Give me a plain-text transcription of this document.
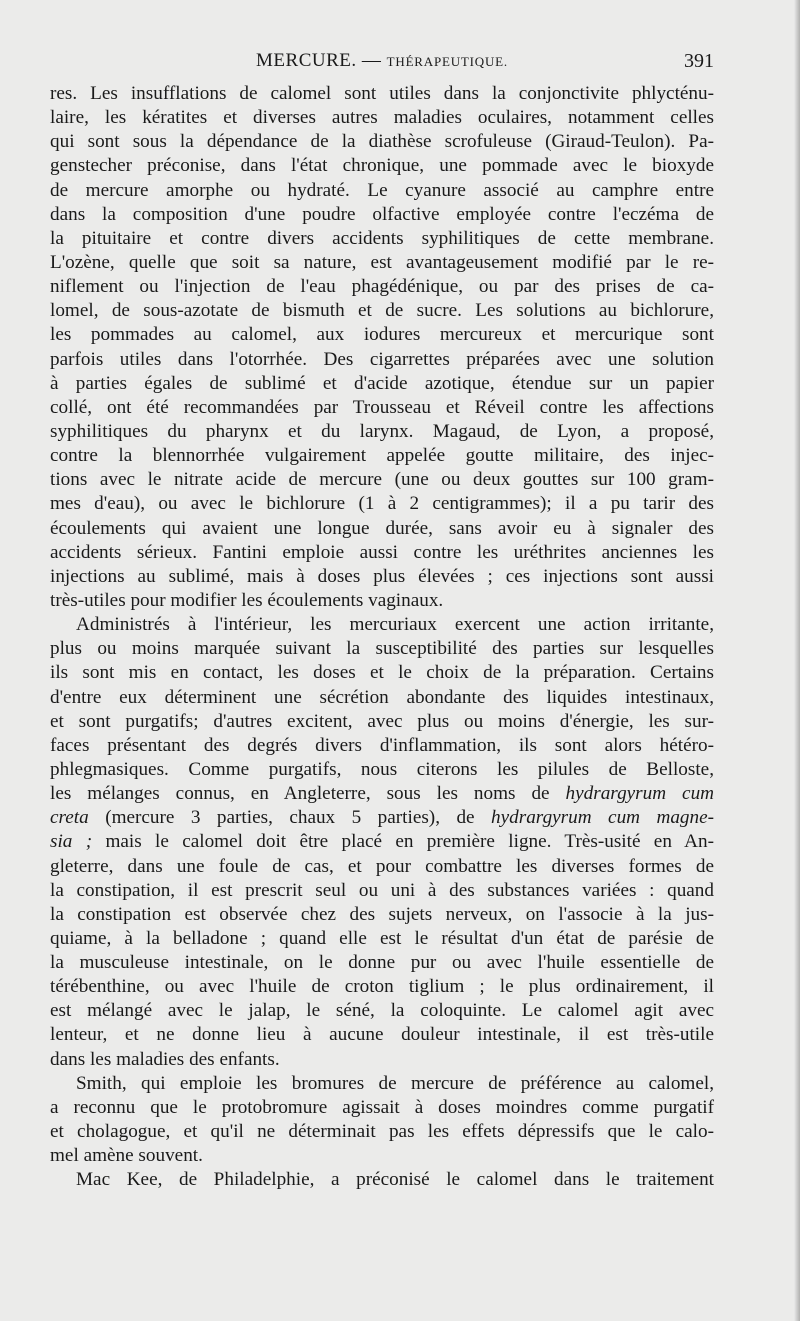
MERCURE. — THÉRAPEUTIQUE.	391
res. Les insufflations de calomel sont utiles dans la conjonctivite phlycténu-
laire, les kératites et diverses autres maladies oculaires, notamment celles
qui sont sous la dépendance de la diathèse scrofuleuse (Giraud-Teulon). Pa-
genstecher préconise, dans l'état chronique, une pommade avec le bioxyde
de mercure amorphe ou hydraté. Le cyanure associé au camphre entre
dans la composition d'une poudre olfactive employée contre l'eczéma de
la pituitaire et contre divers accidents syphilitiques de cette membrane.
L'ozène, quelle que soit sa nature, est avantageusement modifié par le re-
niflement ou l'injection de l'eau phagédénique, ou par des prises de ca-
lomel, de sous-azotate de bismuth et de sucre. Les solutions au bichlorure,
les pommades au calomel, aux iodures mercureux et mercurique sont
parfois utiles dans l'otorrhée. Des cigarrettes préparées avec une solution
à parties égales de sublimé et d'acide azotique, étendue sur un papier
collé, ont été recommandées par Trousseau et Réveil contre les affections
syphilitiques du pharynx et du larynx. Magaud, de Lyon, a proposé,
contre la blennorrhée vulgairement appelée goutte militaire, des injec-
tions avec le nitrate acide de mercure (une ou deux gouttes sur 100 gram-
mes d'eau), ou avec le bichlorure (1 à 2 centigrammes); il a pu tarir des
écoulements qui avaient une longue durée, sans avoir eu à signaler des
accidents sérieux. Fantini emploie aussi contre les uréthrites anciennes les
injections au sublimé, mais à doses plus élevées ; ces injections sont aussi
très-utiles pour modifier les écoulements vaginaux.
Administrés à l'intérieur, les mercuriaux exercent une action irritante,
plus ou moins marquée suivant la susceptibilité des parties sur lesquelles
ils sont mis en contact, les doses et le choix de la préparation. Certains
d'entre eux déterminent une sécrétion abondante des liquides intestinaux,
et sont purgatifs; d'autres excitent, avec plus ou moins d'énergie, les sur-
faces présentant des degrés divers d'inflammation, ils sont alors hétéro-
phlegmasiques. Comme purgatifs, nous citerons les pilules de Belloste,
les mélanges connus, en Angleterre, sous les noms de hydrargyrum cum
creta (mercure 3 parties, chaux 5 parties), de hydrargyrum cum magne-
sia ; mais le calomel doit être placé en première ligne. Très-usité en An-
gleterre, dans une foule de cas, et pour combattre les diverses formes de
la constipation, il est prescrit seul ou uni à des substances variées : quand
la constipation est observée chez des sujets nerveux, on l'associe à la jus-
quiame, à la belladone ; quand elle est le résultat d'un état de parésie de
la musculeuse intestinale, on le donne pur ou avec l'huile essentielle de
térébenthine, ou avec l'huile de croton tiglium ; le plus ordinairement, il
est mélangé avec le jalap, le séné, la coloquinte. Le calomel agit avec
lenteur, et ne donne lieu à aucune douleur intestinale, il est très-utile
dans les maladies des enfants.
Smith, qui emploie les bromures de mercure de préférence au calomel,
a reconnu que le protobromure agissait à doses moindres comme purgatif
et cholagogue, et qu'il ne déterminait pas les effets dépressifs que le calo-
mel amène souvent.
Mac Kee, de Philadelphie, a préconisé le calomel dans le traitement
